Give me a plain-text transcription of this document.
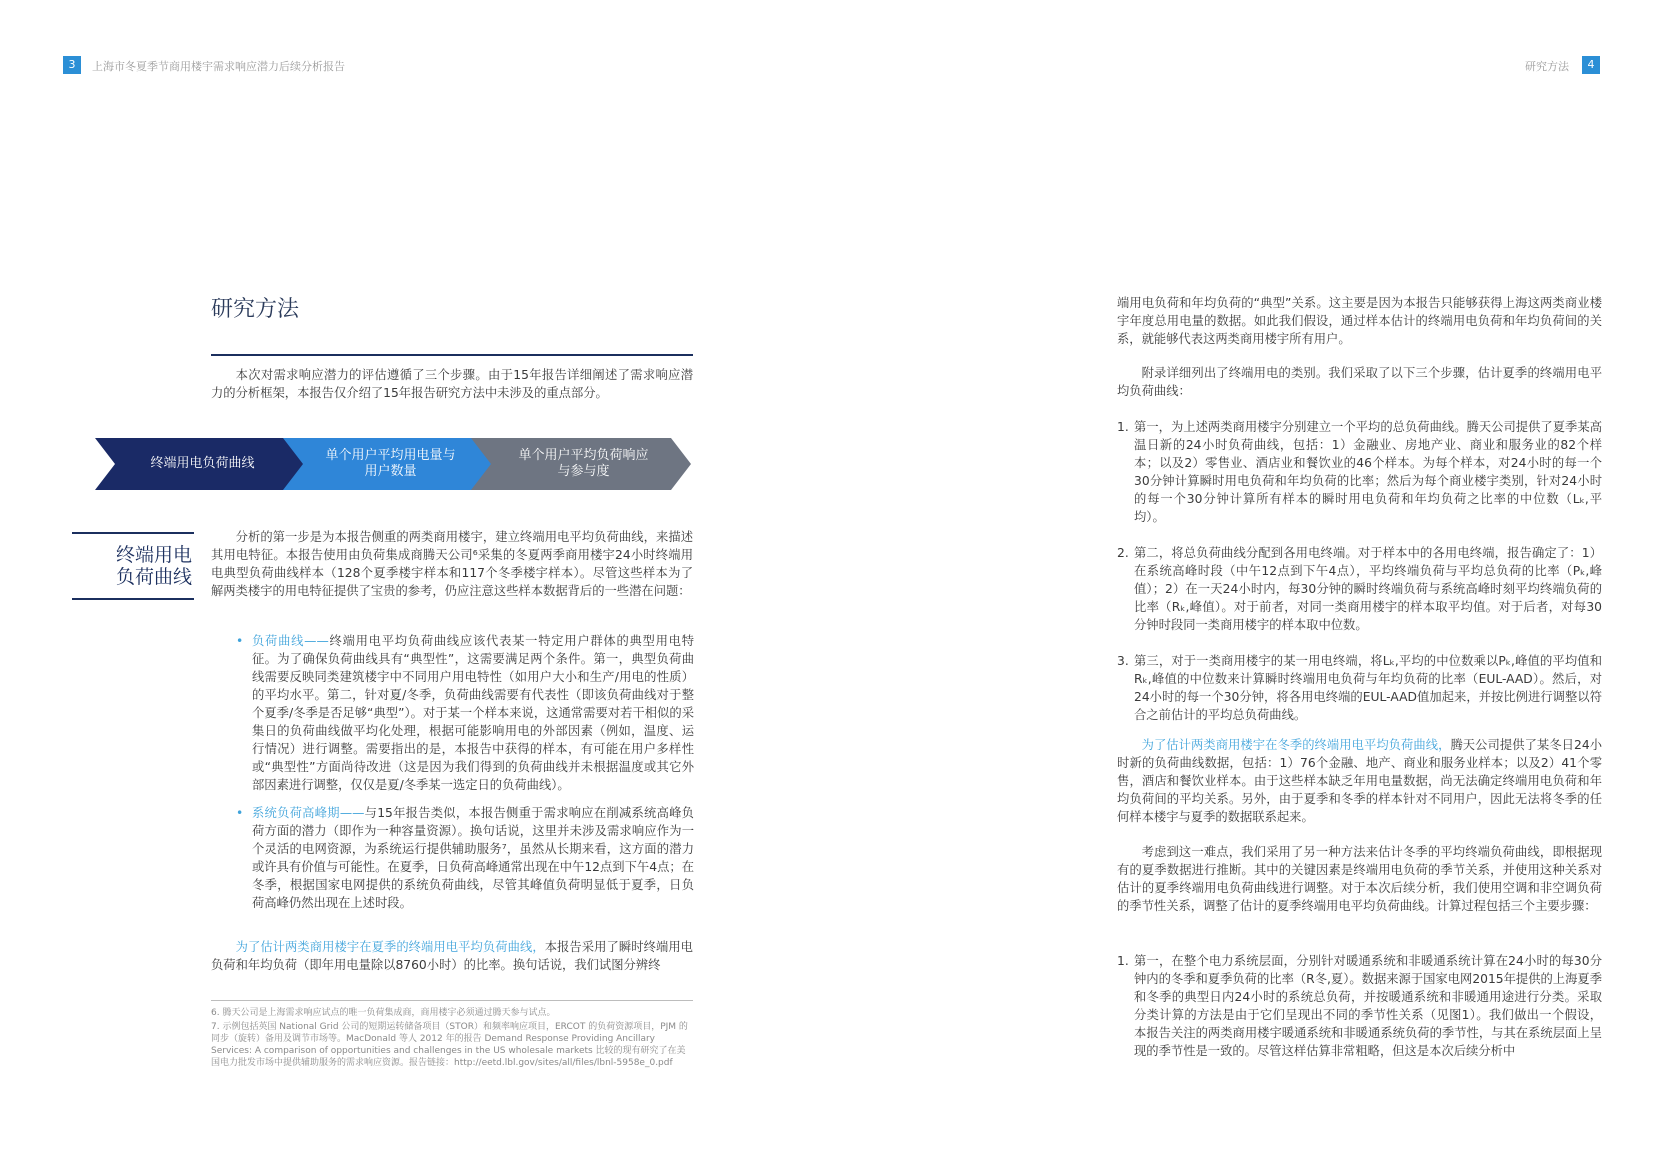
3	上海市冬夏季节商用楼宇需求响应潜力后续分析报告	研究方法	4
研究方法

本次对需求响应潜力的评估遵循了三个步骤。由于15年报告详细阐述了需求响应潜力的分析框架，本报告仅介绍了15年报告研究方法中未涉及的重点部分。

终端用电负荷曲线
单个用户平均用电量与
用户数量
单个用户平均负荷响应
与参与度
终端用电
负荷曲线

分析的第一步是为本报告侧重的两类商用楼宇，建立终端用电平均负荷曲线，来描述其用电特征。本报告使用由负荷集成商腾天公司⁶采集的冬夏两季商用楼宇24小时终端用电典型负荷曲线样本（128个夏季楼宇样本和117个冬季楼宇样本）。尽管这些样本为了解两类楼宇的用电特征提供了宝贵的参考，仍应注意这些样本数据背后的一些潜在问题：

• 负荷曲线——终端用电平均负荷曲线应该代表某一特定用户群体的典型用电特征。为了确保负荷曲线具有“典型性”，这需要满足两个条件。第一，典型负荷曲线需要反映同类建筑楼宇中不同用户用电特性（如用户大小和生产/用电的性质）的平均水平。第二，针对夏/冬季，负荷曲线需要有代表性（即该负荷曲线对于整个夏季/冬季是否足够“典型”）。对于某一个样本来说，这通常需要对若干相似的采集日的负荷曲线做平均化处理，根据可能影响用电的外部因素（例如，温度、运行情况）进行调整。需要指出的是，本报告中获得的样本，有可能在用户多样性或“典型性”方面尚待改进（这是因为我们得到的负荷曲线并未根据温度或其它外部因素进行调整，仅仅是夏/冬季某一选定日的负荷曲线）。
• 系统负荷高峰期——与15年报告类似，本报告侧重于需求响应在削减系统高峰负荷方面的潜力（即作为一种容量资源）。换句话说，这里并未涉及需求响应作为一个灵活的电网资源，为系统运行提供辅助服务⁷，虽然从长期来看，这方面的潜力或许具有价值与可能性。在夏季，日负荷高峰通常出现在中午12点到下午4点；在冬季，根据国家电网提供的系统负荷曲线，尽管其峰值负荷明显低于夏季，日负荷高峰仍然出现在上述时段。

为了估计两类商用楼宇在夏季的终端用电平均负荷曲线，本报告采用了瞬时终端用电负荷和年均负荷（即年用电量除以8760小时）的比率。换句话说，我们试图分辨终

6. 腾天公司是上海需求响应试点的唯一负荷集成商，商用楼宇必须通过腾天参与试点。
7. 示例包括英国 National Grid 公司的短期运转储备项目（STOR）和频率响应项目，ERCOT 的负荷资源项目，PJM 的同步（旋转）备用及调节市场等。MacDonald 等人 2012 年的报告 Demand Response Providing Ancillary Services: A comparison of opportunities and challenges in the US wholesale markets 比较的现有研究了在美国电力批发市场中提供辅助服务的需求响应资源。报告链接：http://eetd.lbl.gov/sites/all/files/lbnl-5958e_0.pdf

端用电负荷和年均负荷的“典型”关系。这主要是因为本报告只能够获得上海这两类商业楼宇年度总用电量的数据。如此我们假设，通过样本估计的终端用电负荷和年均负荷间的关系，就能够代表这两类商用楼宇所有用户。

附录详细列出了终端用电的类别。我们采取了以下三个步骤，估计夏季的终端用电平均负荷曲线：

1. 第一，为上述两类商用楼宇分别建立一个平均的总负荷曲线。腾天公司提供了夏季某高温日新的24小时负荷曲线，包括：1）金融业、房地产业、商业和服务业的82个样本；以及2）零售业、酒店业和餐饮业的46个样本。为每个样本，对24小时的每一个30分钟计算瞬时用电负荷和年均负荷的比率；然后为每个商业楼宇类别，针对24小时的每一个30分钟计算所有样本的瞬时用电负荷和年均负荷之比率的中位数（Lₖ,平均）。
2. 第二，将总负荷曲线分配到各用电终端。对于样本中的各用电终端，报告确定了：1）在系统高峰时段（中午12点到下午4点），平均终端负荷与平均总负荷的比率（Pₖ,峰值）；2）在一天24小时内，每30分钟的瞬时终端负荷与系统高峰时刻平均终端负荷的比率（Rₖ,峰值）。对于前者，对同一类商用楼宇的样本取平均值。对于后者，对每30分钟时段同一类商用楼宇的样本取中位数。
3. 第三，对于一类商用楼宇的某一用电终端，将Lₖ,平均的中位数乘以Pₖ,峰值的平均值和Rₖ,峰值的中位数来计算瞬时终端用电负荷与年均负荷的比率（EUL-AAD）。然后，对24小时的每一个30分钟，将各用电终端的EUL-AAD值加起来，并按比例进行调整以符合之前估计的平均总负荷曲线。

为了估计两类商用楼宇在冬季的终端用电平均负荷曲线，腾天公司提供了某冬日24小时新的负荷曲线数据，包括：1）76个金融、地产、商业和服务业样本；以及2）41个零售，酒店和餐饮业样本。由于这些样本缺乏年用电量数据，尚无法确定终端用电负荷和年均负荷间的平均关系。另外，由于夏季和冬季的样本针对不同用户，因此无法将冬季的任何样本楼宇与夏季的数据联系起来。

考虑到这一难点，我们采用了另一种方法来估计冬季的平均终端负荷曲线，即根据现有的夏季数据进行推断。其中的关键因素是终端用电负荷的季节关系，并使用这种关系对估计的夏季终端用电负荷曲线进行调整。对于本次后续分析，我们使用空调和非空调负荷的季节性关系，调整了估计的夏季终端用电平均负荷曲线。计算过程包括三个主要步骤：

1. 第一，在整个电力系统层面，分别针对暖通系统和非暖通系统计算在24小时的每30分钟内的冬季和夏季负荷的比率（R冬,夏）。数据来源于国家电网2015年提供的上海夏季和冬季的典型日内24小时的系统总负荷，并按暖通系统和非暖通用途进行分类。采取分类计算的方法是由于它们呈现出不同的季节性关系（见图1）。我们做出一个假设，本报告关注的两类商用楼宇暖通系统和非暖通系统负荷的季节性，与其在系统层面上呈现的季节性是一致的。尽管这样估算非常粗略，但这是本次后续分析中
